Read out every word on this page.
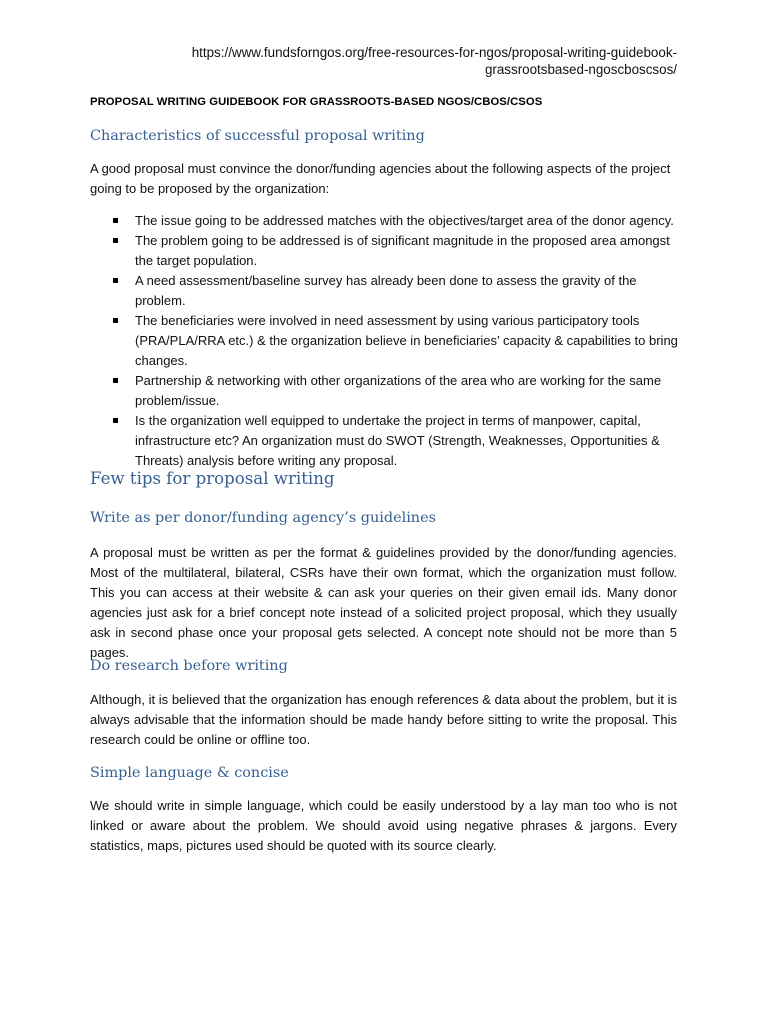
https://www.fundsforngos.org/free-resources-for-ngos/proposal-writing-guidebook-grassrootsbased-ngoscboscsos/
PROPOSAL WRITING GUIDEBOOK FOR GRASSROOTS-BASED NGOS/CBOS/CSOS
Characteristics of successful proposal writing
A good proposal must convince the donor/funding agencies about the following aspects of the project going to be proposed by the organization:
The issue going to be addressed matches with the objectives/target area of the donor agency.
The problem going to be addressed is of significant magnitude in the proposed area amongst the target population.
A need assessment/baseline survey has already been done to assess the gravity of the problem.
The beneficiaries were involved in need assessment by using various participatory tools (PRA/PLA/RRA etc.) & the organization believe in beneficiaries’ capacity & capabilities to bring changes.
Partnership & networking with other organizations of the area who are working for the same problem/issue.
Is the organization well equipped to undertake the project in terms of manpower, capital, infrastructure etc? An organization must do SWOT (Strength, Weaknesses, Opportunities & Threats) analysis before writing any proposal.
Few tips for proposal writing
Write as per donor/funding agency’s guidelines
A proposal must be written as per the format & guidelines provided by the donor/funding agencies. Most of the multilateral, bilateral, CSRs have their own format, which the organization must follow. This you can access at their website & can ask your queries on their given email ids. Many donor agencies just ask for a brief concept note instead of a solicited project proposal, which they usually ask in second phase once your proposal gets selected. A concept note should not be more than 5 pages.
Do research before writing
Although, it is believed that the organization has enough references & data about the problem, but it is always advisable that the information should be made handy before sitting to write the proposal. This research could be online or offline too.
Simple language & concise
We should write in simple language, which could be easily understood by a lay man too who is not linked or aware about the problem. We should avoid using negative phrases & jargons. Every statistics, maps, pictures used should be quoted with its source clearly.
